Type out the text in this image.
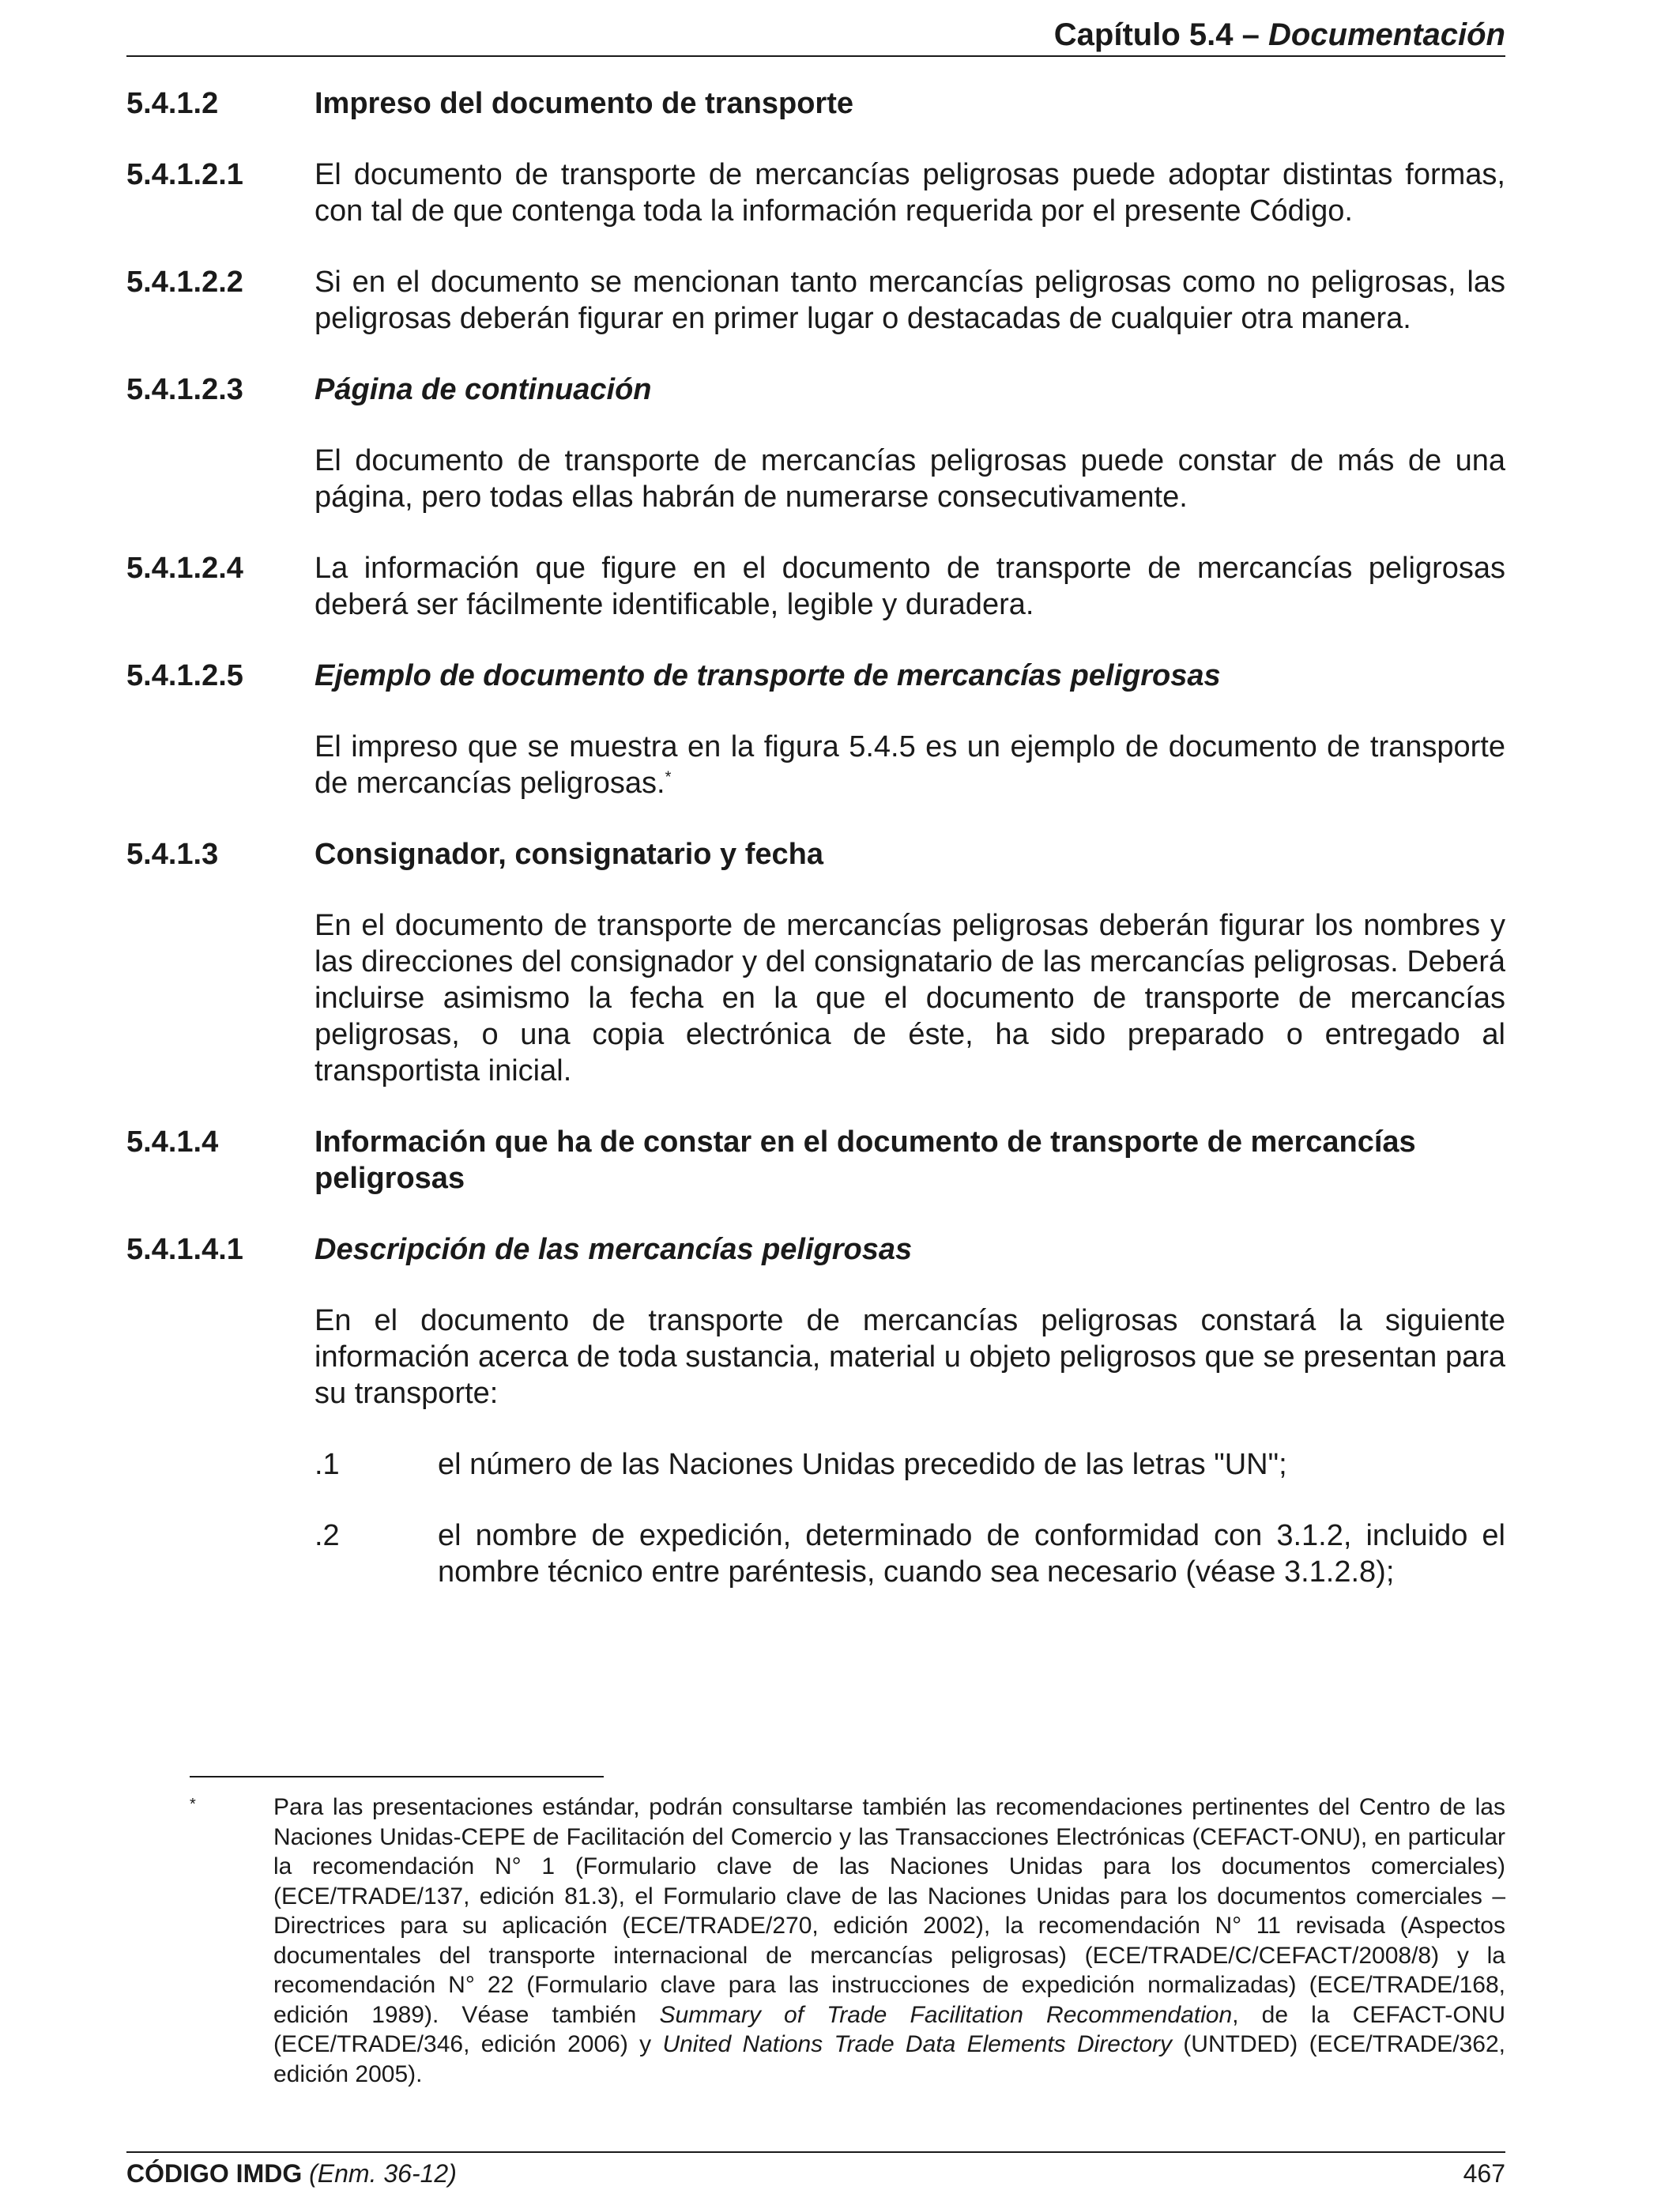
Capítulo 5.4 – Documentación
5.4.1.2	Impreso del documento de transporte
5.4.1.2.1	El documento de transporte de mercancías peligrosas puede adoptar distintas formas, con tal de que contenga toda la información requerida por el presente Código.
5.4.1.2.2	Si en el documento se mencionan tanto mercancías peligrosas como no peligrosas, las peligrosas deberán figurar en primer lugar o destacadas de cualquier otra manera.
5.4.1.2.3	Página de continuación
El documento de transporte de mercancías peligrosas puede constar de más de una página, pero todas ellas habrán de numerarse consecutivamente.
5.4.1.2.4	La información que figure en el documento de transporte de mercancías peligrosas deberá ser fácilmente identificable, legible y duradera.
5.4.1.2.5	Ejemplo de documento de transporte de mercancías peligrosas
El impreso que se muestra en la figura 5.4.5 es un ejemplo de documento de transporte de mercancías peligrosas.*
5.4.1.3	Consignador, consignatario y fecha
En el documento de transporte de mercancías peligrosas deberán figurar los nombres y las direcciones del consignador y del consignatario de las mercancías peligrosas. Deberá incluirse asimismo la fecha en la que el documento de transporte de mercancías peligrosas, o una copia electrónica de éste, ha sido preparado o entregado al transportista inicial.
5.4.1.4	Información que ha de constar en el documento de transporte de mercancías peligrosas
5.4.1.4.1	Descripción de las mercancías peligrosas
En el documento de transporte de mercancías peligrosas constará la siguiente información acerca de toda sustancia, material u objeto peligrosos que se presentan para su transporte:
.1	el número de las Naciones Unidas precedido de las letras "UN";
.2	el nombre de expedición, determinado de conformidad con 3.1.2, incluido el nombre técnico entre paréntesis, cuando sea necesario (véase 3.1.2.8);
*	Para las presentaciones estándar, podrán consultarse también las recomendaciones pertinentes del Centro de las Naciones Unidas-CEPE de Facilitación del Comercio y las Transacciones Electrónicas (CEFACT-ONU), en particular la recomendación N° 1 (Formulario clave de las Naciones Unidas para los documentos comerciales) (ECE/TRADE/137, edición 81.3), el Formulario clave de las Naciones Unidas para los documentos comerciales – Directrices para su aplicación (ECE/TRADE/270, edición 2002), la recomendación N° 11 revisada (Aspectos documentales del transporte internacional de mercancías peligrosas) (ECE/TRADE/C/CEFACT/2008/8) y la recomendación N° 22 (Formulario clave para las instrucciones de expedición normalizadas) (ECE/TRADE/168, edición 1989). Véase también Summary of Trade Facilitation Recommendation, de la CEFACT-ONU (ECE/TRADE/346, edición 2006) y United Nations Trade Data Elements Directory (UNTDED) (ECE/TRADE/362, edición 2005).
CÓDIGO IMDG (Enm. 36-12)	467
